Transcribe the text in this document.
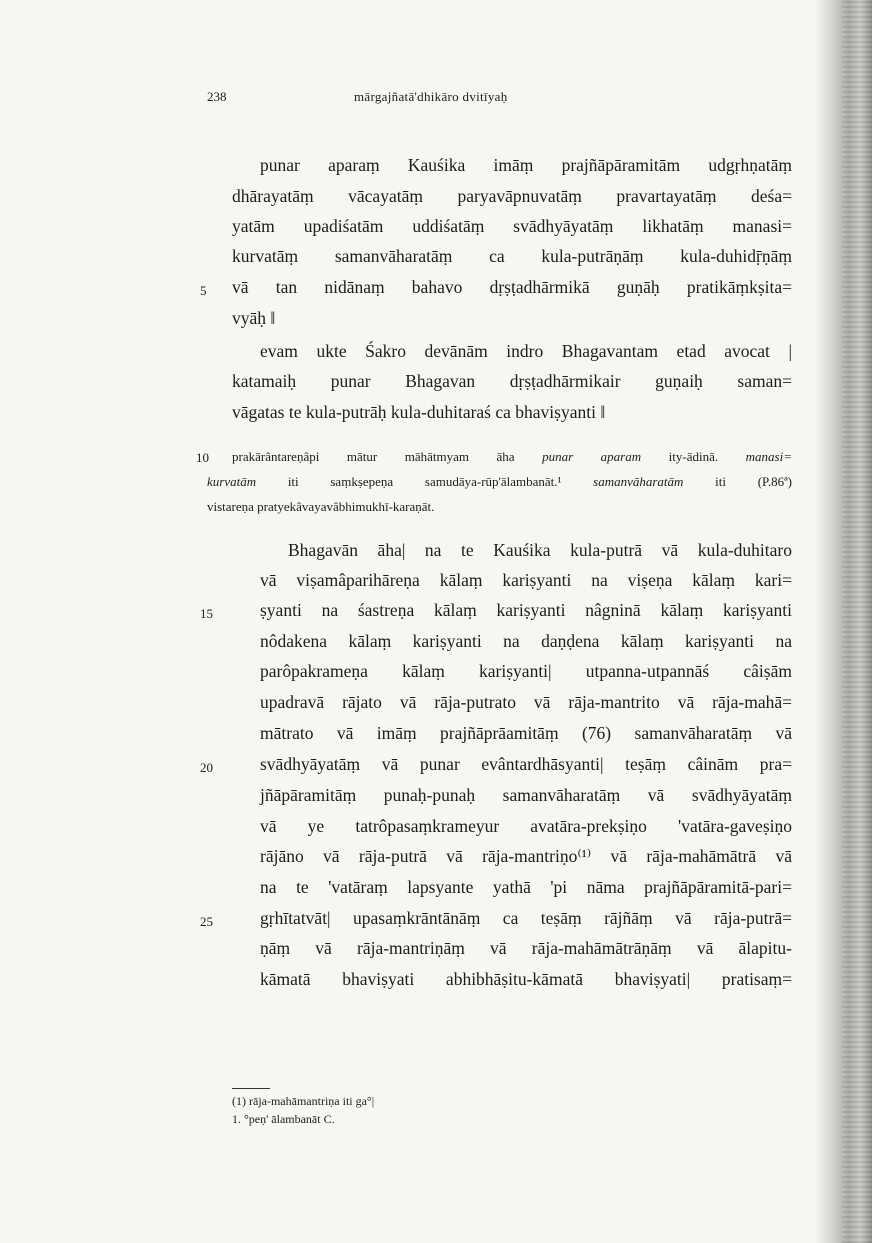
238	mārgajñatā'dhikāro dvitīyaḥ
punar aparaṃ Kauśika imāṃ prajñāpāramitām udgṛhṇatāṃ
dhārayatāṃ vācayatāṃ paryavāpnuvatāṃ pravartayatāṃ deśa=
yatām upadiśatām uddiśatāṃ svādhyāyatāṃ likhatāṃ manasi=
kurvatāṃ samanvāharatāṃ ca kula-putrāṇāṃ kula-duhidṝṇāṃ
vā tan nidānaṃ bahavo dṛṣṭadhārmikā guṇāḥ pratikāṃkṣita=
vyāḥ ‖
evam ukte Śakro devānām indro Bhagavantam etad avocat |
katamaiḥ punar Bhagavan dṛṣṭadhārmikair guṇaiḥ saman=
vāgatas te kula-putrāḥ kula-duhitaraś ca bhaviṣyanti ‖
prakārântareṇâpi mātur māhātmyam āha punar aparam ity-ādinā. manasi=
kurvatām iti saṃkṣepeṇa samudāya-rūp'ālambanāt.¹ samanvāharatām iti (P.86ª)
vistareṇa pratyekâvayavâbhimukhī-karaṇāt.
Bhagavān āha| na te Kauśika kula-putrā vā kula-duhitaro
vā viṣamâparihāreṇa kālaṃ kariṣyanti na viṣeṇa kālaṃ kari=
ṣyanti na śastreṇa kālaṃ kariṣyanti nâgninā kālaṃ kariṣyanti
nôdakena kālaṃ kariṣyanti na daṇḍena kālaṃ kariṣyanti na
parôpakrameṇa kālaṃ kariṣyanti| utpanna-utpannāś câiṣām
upadravā rājato vā rāja-putrato vā rāja-mantrito vā rāja-mahā=
mātrato vā imāṃ prajñāprāamitāṃ (76) samanvāharatāṃ vā
svādhyāyatāṃ vā punar evântardhāsyanti| teṣāṃ câinām pra=
jñāpāramitāṃ punaḥ-punaḥ samanvāharatāṃ vā svādhyāyatāṃ
vā ye tatrôpasaṃkrameyur avatāra-prekṣiṇo 'vatāra-gaveṣiṇo
rājāno vā rāja-putrā vā rāja-mantriṇo⁽¹⁾ vā rāja-mahāmātrā vā
na te 'vatāraṃ lapsyante yathā 'pi nāma prajñāpāramitā-pari=
gṛhītatvāt| upasaṃkrāntānāṃ ca teṣāṃ rājñāṃ vā rāja-putrā=
ṇāṃ vā rāja-mantriṇāṃ vā rāja-mahāmātrāṇāṃ vā ālapitu-
kāmatā bhaviṣyati abhibhāṣitu-kāmatā bhaviṣyati| pratisaṃ=
5
10
15
20
25
(1) rāja-mahāmantriṇa iti ga°|
1. °peṇ' ālambanāt C.
